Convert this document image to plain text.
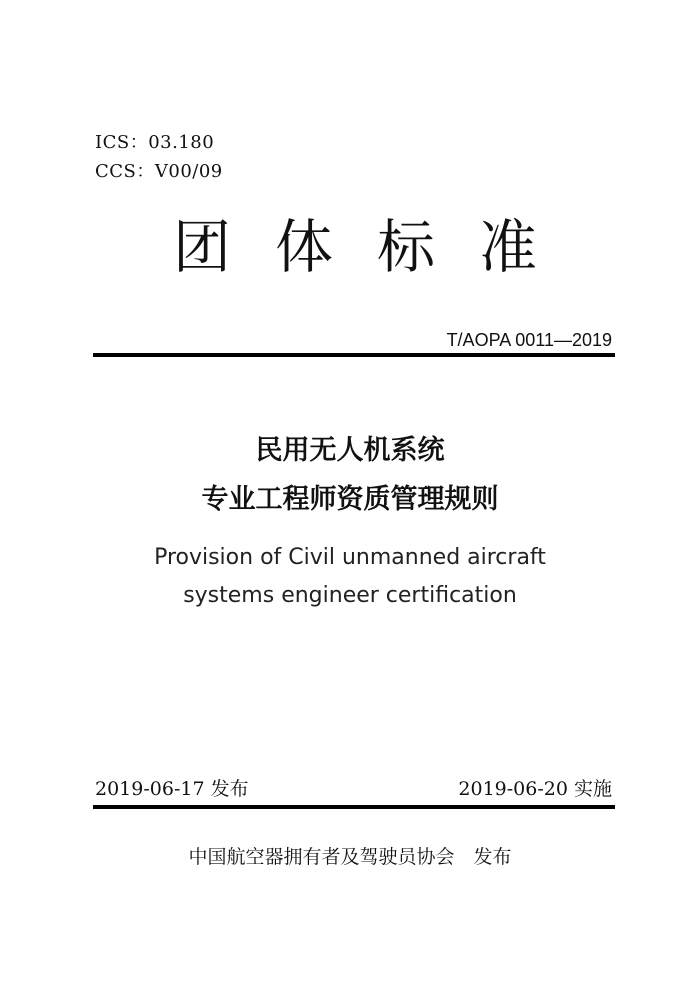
ICS：03.180
CCS：V00/09
团 体 标 准
T/AOPA 0011—2019
民用无人机系统
专业工程师资质管理规则
Provision of Civil unmanned aircraft
systems engineer certification
2019-06-17 发布	2019-06-20 实施
中国航空器拥有者及驾驶员协会　发布
